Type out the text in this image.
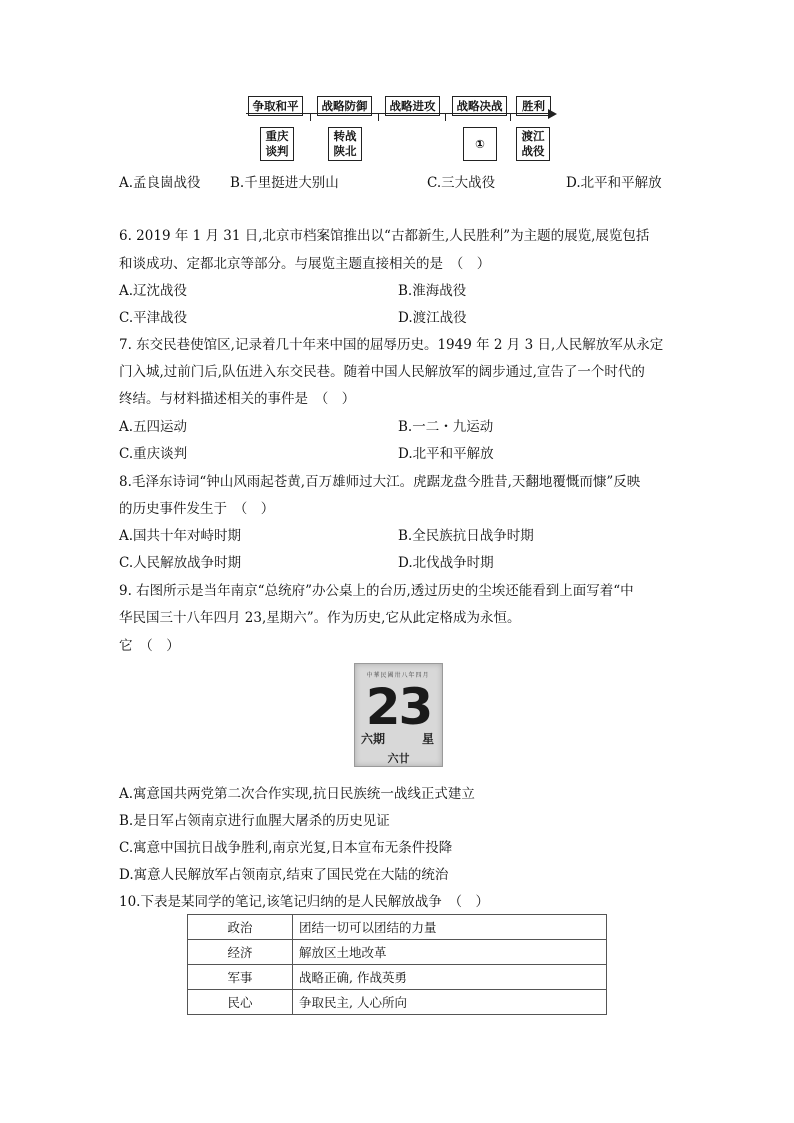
争取和平	战略防御	战略进攻	战略决战	胜利
重庆
谈判
转战
陕北
①
渡江
战役
A.孟良崮战役 B.千里挺进大别山	C.三大战役	D.北平和平解放
6. 2019 年 1 月 31 日,北京市档案馆推出以“古都新生,人民胜利”为主题的展览,展览包括
和谈成功、定都北京等部分。与展览主题直接相关的是　（　）
A.辽沈战役	B.淮海战役
C.平津战役	D.渡江战役
7. 东交民巷使馆区,记录着几十年来中国的屈辱历史。1949 年 2 月 3 日,人民解放军从永定
门入城,过前门后,队伍进入东交民巷。随着中国人民解放军的阔步通过,宣告了一个时代的
终结。与材料描述相关的事件是　（　）
A.五四运动	B.一二・九运动
C.重庆谈判	D.北平和平解放
8.毛泽东诗词“钟山风雨起苍黄,百万雄师过大江。虎踞龙盘今胜昔,天翻地覆慨而慷”反映
的历史事件发生于　（　）
A.国共十年对峙时期	B.全民族抗日战争时期
C.人民解放战争时期	D.北伐战争时期
9. 右图所示是当年南京“总统府”办公桌上的台历,透过历史的尘埃还能看到上面写着“中
华民国三十八年四月 23,星期六”。作为历史,它从此定格成为永恒。
它　（　）
中華民國卅八年四月
23
六期	星
六廿
A.寓意国共两党第二次合作实现,抗日民族统一战线正式建立
B.是日军占领南京进行血腥大屠杀的历史见证
C.寓意中国抗日战争胜利,南京光复,日本宣布无条件投降
D.寓意人民解放军占领南京,结束了国民党在大陆的统治
10.下表是某同学的笔记,该笔记归纳的是人民解放战争　（　）
政治	团结一切可以团结的力量
经济	解放区土地改革
军事	战略正确, 作战英勇
民心	争取民主, 人心所向
